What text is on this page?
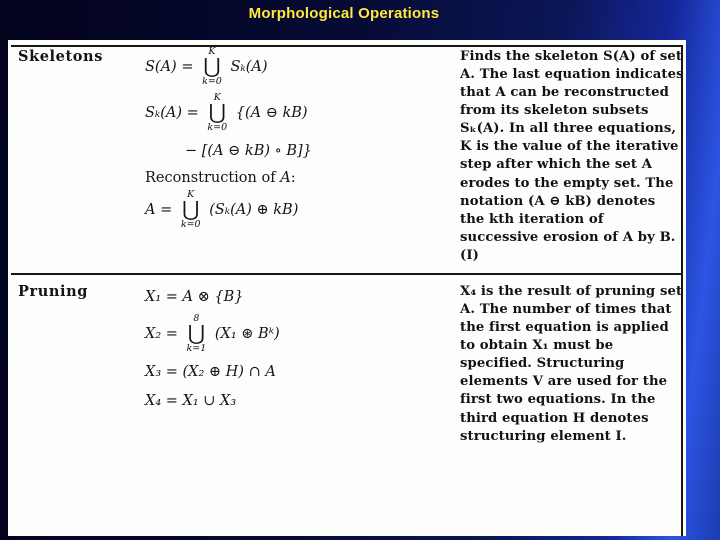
Morphological Operations
Skeletons
S(A) =
K
⋃
k=0
Sₖ(A)
Sₖ(A) =
K
⋃
k=0
{(A ⊖ kB)
− [(A ⊖ kB) ∘ B]}
Reconstruction of A :
A =
K
⋃
k=0
(Sₖ(A) ⊕ kB)
Finds the skeleton S(A) of set A. The last equation indicates that A can be reconstructed from its skeleton subsets Sₖ(A). In all three equations, K is the value of the iterative step after which the set A erodes to the empty set. The notation (A ⊖ kB) denotes the kth iteration of successive erosion of A by B. (I)
Pruning	X₁ = A ⊗ {B}
X₂ =
8
⋃
k=1
(X₁ ⊛ Bᵏ)
X₃ = (X₂ ⊕ H) ∩ A
X₄ = X₁ ∪ X₃
X₄ is the result of pruning set A. The number of times that the first equation is applied to obtain X₁ must be specified. Structuring elements V are used for the first two equations. In the third equation H denotes structuring element I.
